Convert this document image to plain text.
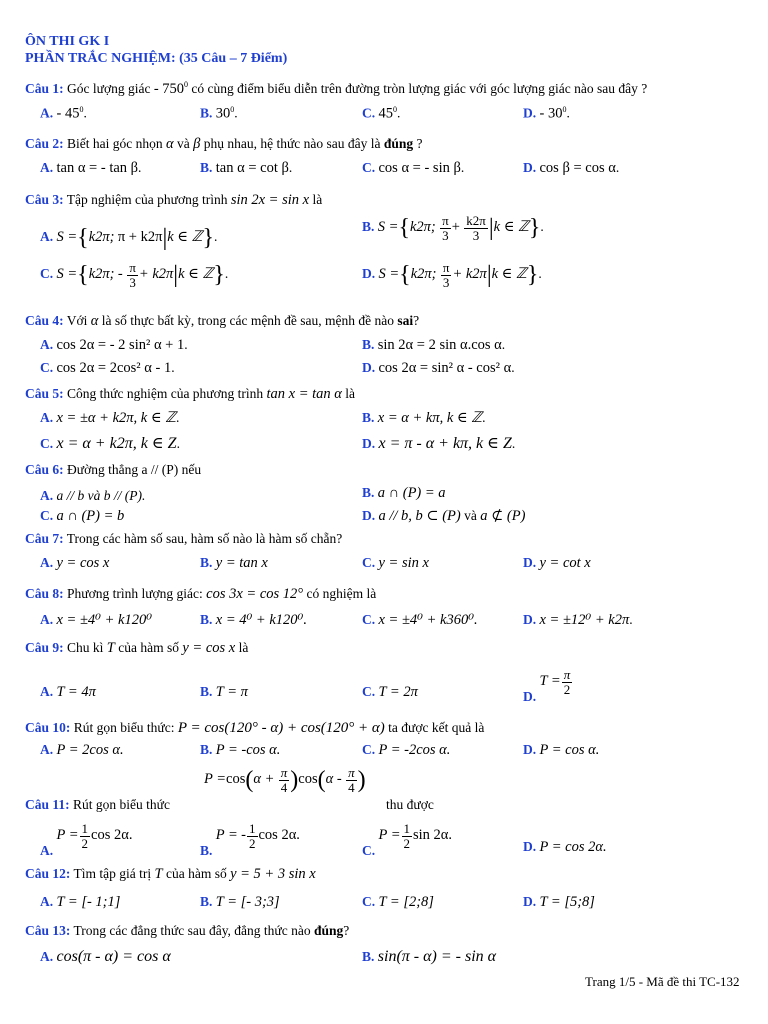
ÔN THI GK I
PHẦN TRẮC NGHIỆM: (35 Câu – 7 Điểm)
Câu 1: Góc lượng giác - $750^0$ có cùng điểm biểu diễn trên đường tròn lượng giác với góc lượng giác nào sau đây ?
A. - $45^0$.	B. $30^0$.	C. $45^0$.	D. - $30^0$.
Câu 2: Biết hai góc nhọn α và β phụ nhau, hệ thức nào sau đây là đúng ?
A. tan α = - tan β.	B. tan α = cot β.	C. cos α = - sin β.	D. cos β = cos α.
Câu 3: Tập nghiệm của phương trình sin 2x = sin x là
A. S ={k2π; π + k2π|k ∈ ℤ}.
B. S ={k2π; $\frac{\pi}{3} + \frac{k2\pi}{3} |k$ ∈ ℤ}.
C. S ={k2π; - $\frac{\pi}{3} + k2\pi|k$ ∈ ℤ}.	D. S ={k2π; $\frac{\pi}{3} + k2\pi|k$ ∈ ℤ}.
Câu 4: Với α là số thực bất kỳ, trong các mệnh đề sau, mệnh đề nào sai?
A. cos 2α = - 2 sin² α + 1.	B. sin 2α = 2 sin α.cos α.
C. cos 2α = 2cos² α - 1.	D. cos 2α = sin² α - cos² α.
Câu 5: Công thức nghiệm của phương trình tan x = tan α là
A. x = ±α + k2π, k ∈ ℤ.	B. x = α + kπ, k ∈ ℤ.
C. x = α + k2π, k ∈ Z.	D. x = π - α + kπ, k ∈ Z.
Câu 6: Đường thẳng a // (P) nếu
A. a // b và b // (P).	B. a ∩ (P) = a
C. a ∩ (P) = b	D. a // b, b ⊂ (P) và a ⊄ (P)
Câu 7: Trong các hàm số sau, hàm số nào là hàm số chẵn?
A. y = cos x	B. y = tan x	C. y = sin x	D. y = cot x
Câu 8: Phương trình lượng giác: cos 3x = cos 12° có nghiệm là
A. x = ±4⁰ + k120⁰	B. x = 4⁰ + k120⁰.	C. x = ±4⁰ + k360⁰.	D. x = ±12⁰ + k2π.
Câu 9: Chu kì T của hàm số y = cos x là
A. T = 4π	B. T = π	C. T = 2π	D. $T = \frac{\pi}{2}$
Câu 10: Rút gọn biểu thức: P = cos(120° - α) + cos(120° + α) ta được kết quả là
A. P = 2cos α.	B. P = -cos α.	C. P = -2cos α.	D. P = cos α.
Câu 11: Rút gọn biểu thức
$P =\cos(\alpha + \frac{\pi}{4} )\cos(\alpha - \frac{\pi}{4}$ )
thu được
A. $P = \frac{1}{2}$ cos 2α.
B. P = - $\frac{1}{2}$ cos 2α.
C. $P = \frac{1}{2}$ sin 2α.
D. P = cos 2α.
Câu 12: Tìm tập giá trị T của hàm số y = 5 + 3 sin x
A. T = [- 1;1]	B. T = [- 3;3]	C. T = [2;8]	D. T = [5;8]
Câu 13: Trong các đẳng thức sau đây, đẳng thức nào đúng?
A. cos(π - α) = cos α	B. sin(π - α) = - sin α
Trang 1/5 - Mã đề thi TC-132
